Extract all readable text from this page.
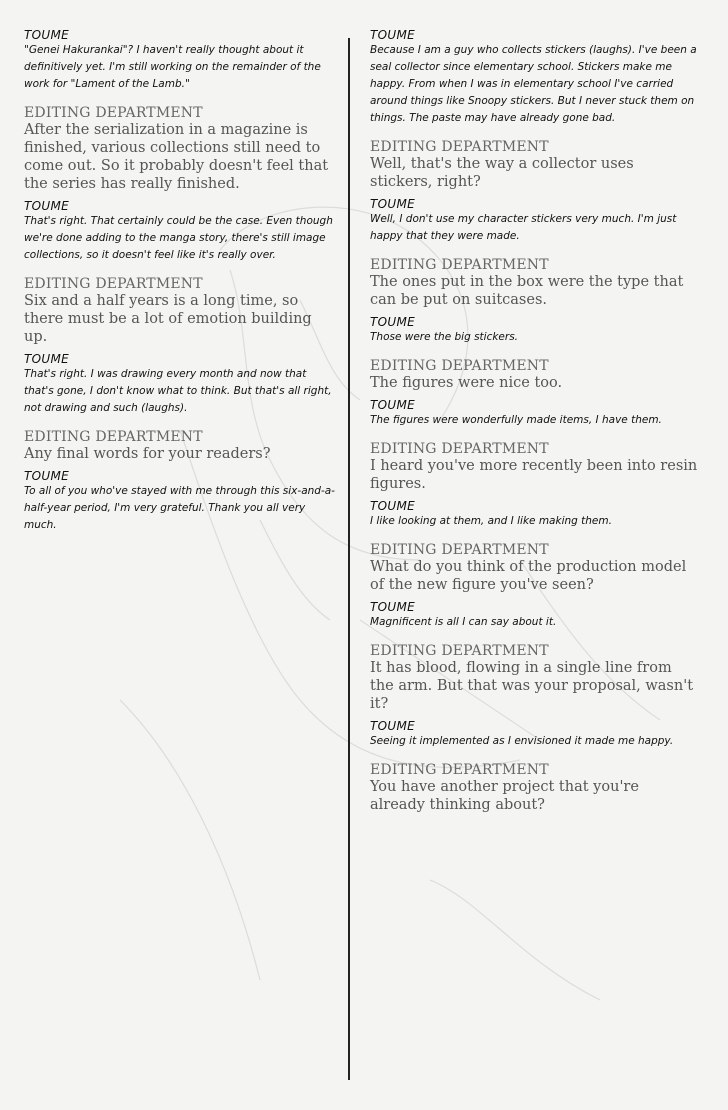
TOUME
"Genei Hakurankai"? I haven't really thought about it definitively yet. I'm still working on the remainder of the work for "Lament of the Lamb."
EDITING DEPARTMENT
After the serialization in a magazine is finished, various collections still need to come out. So it probably doesn't feel that the series has really finished.
TOUME
That's right. That certainly could be the case. Even though we're done adding to the manga story, there's still image collections, so it doesn't feel like it's really over.
EDITING DEPARTMENT
Six and a half years is a long time, so there must be a lot of emotion building up.
TOUME
That's right. I was drawing every month and now that that's gone, I don't know what to think. But that's all right, not drawing and such (laughs).
EDITING DEPARTMENT
Any final words for your readers?
TOUME
To all of you who've stayed with me through this six-and-a-half-year period, I'm very grateful. Thank you all very much.
TOUME
Because I am a guy who collects stickers (laughs). I've been a seal collector since elementary school. Stickers make me happy. From when I was in elementary school I've carried around things like Snoopy stickers. But I never stuck them on things. The paste may have already gone bad.
EDITING DEPARTMENT
Well, that's the way a collector uses stickers, right?
TOUME
Well, I don't use my character stickers very much. I'm just happy that they were made.
EDITING DEPARTMENT
The ones put in the box were the type that can be put on suitcases.
TOUME
Those were the big stickers.
EDITING DEPARTMENT
The figures were nice too.
TOUME
The figures were wonderfully made items, I have them.
EDITING DEPARTMENT
I heard you've more recently been into resin figures.
TOUME
I like looking at them, and I like making them.
EDITING DEPARTMENT
What do you think of the production model of the new figure you've seen?
TOUME
Magnificent is all I can say about it.
EDITING DEPARTMENT
It has blood, flowing in a single line from the arm. But that was your proposal, wasn't it?
TOUME
Seeing it implemented as I envisioned it made me happy.
EDITING DEPARTMENT
You have another project that you're already thinking about?
